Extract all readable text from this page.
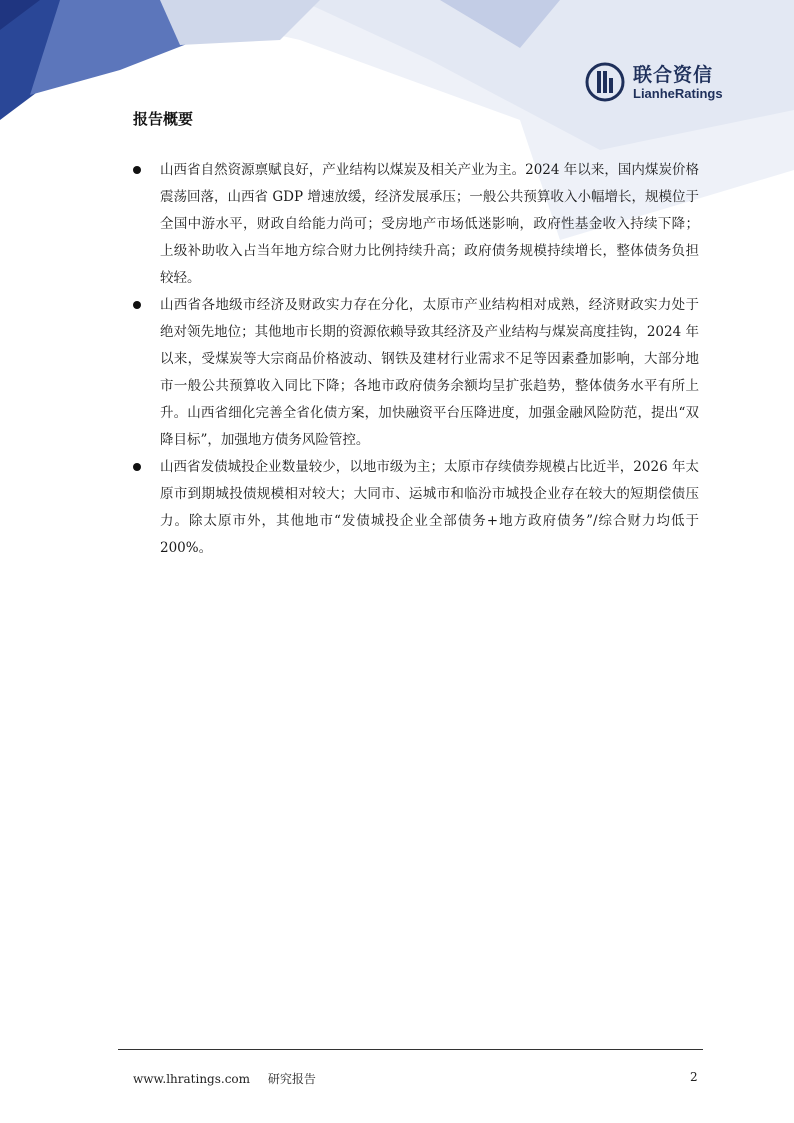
联合资信
LianheRatings
报告概要
山西省自然资源禀赋良好，产业结构以煤炭及相关产业为主。2024 年以来，国内煤炭价格震荡回落，山西省 GDP 增速放缓，经济发展承压；一般公共预算收入小幅增长，规模位于全国中游水平，财政自给能力尚可；受房地产市场低迷影响，政府性基金收入持续下降；上级补助收入占当年地方综合财力比例持续升高；政府债务规模持续增长，整体债务负担较轻。
山西省各地级市经济及财政实力存在分化，太原市产业结构相对成熟，经济财政实力处于绝对领先地位；其他地市长期的资源依赖导致其经济及产业结构与煤炭高度挂钩，2024 年以来，受煤炭等大宗商品价格波动、钢铁及建材行业需求不足等因素叠加影响，大部分地市一般公共预算收入同比下降；各地市政府债务余额均呈扩张趋势，整体债务水平有所上升。山西省细化完善全省化债方案，加快融资平台压降进度，加强金融风险防范，提出“双降目标”，加强地方债务风险管控。
山西省发债城投企业数量较少，以地市级为主；太原市存续债券规模占比近半，2026 年太原市到期城投债规模相对较大；大同市、运城市和临汾市城投企业存在较大的短期偿债压力。除太原市外，其他地市“发债城投企业全部债务+地方政府债务”/综合财力均低于 200%。
www.lhratings.com 研究报告	2
